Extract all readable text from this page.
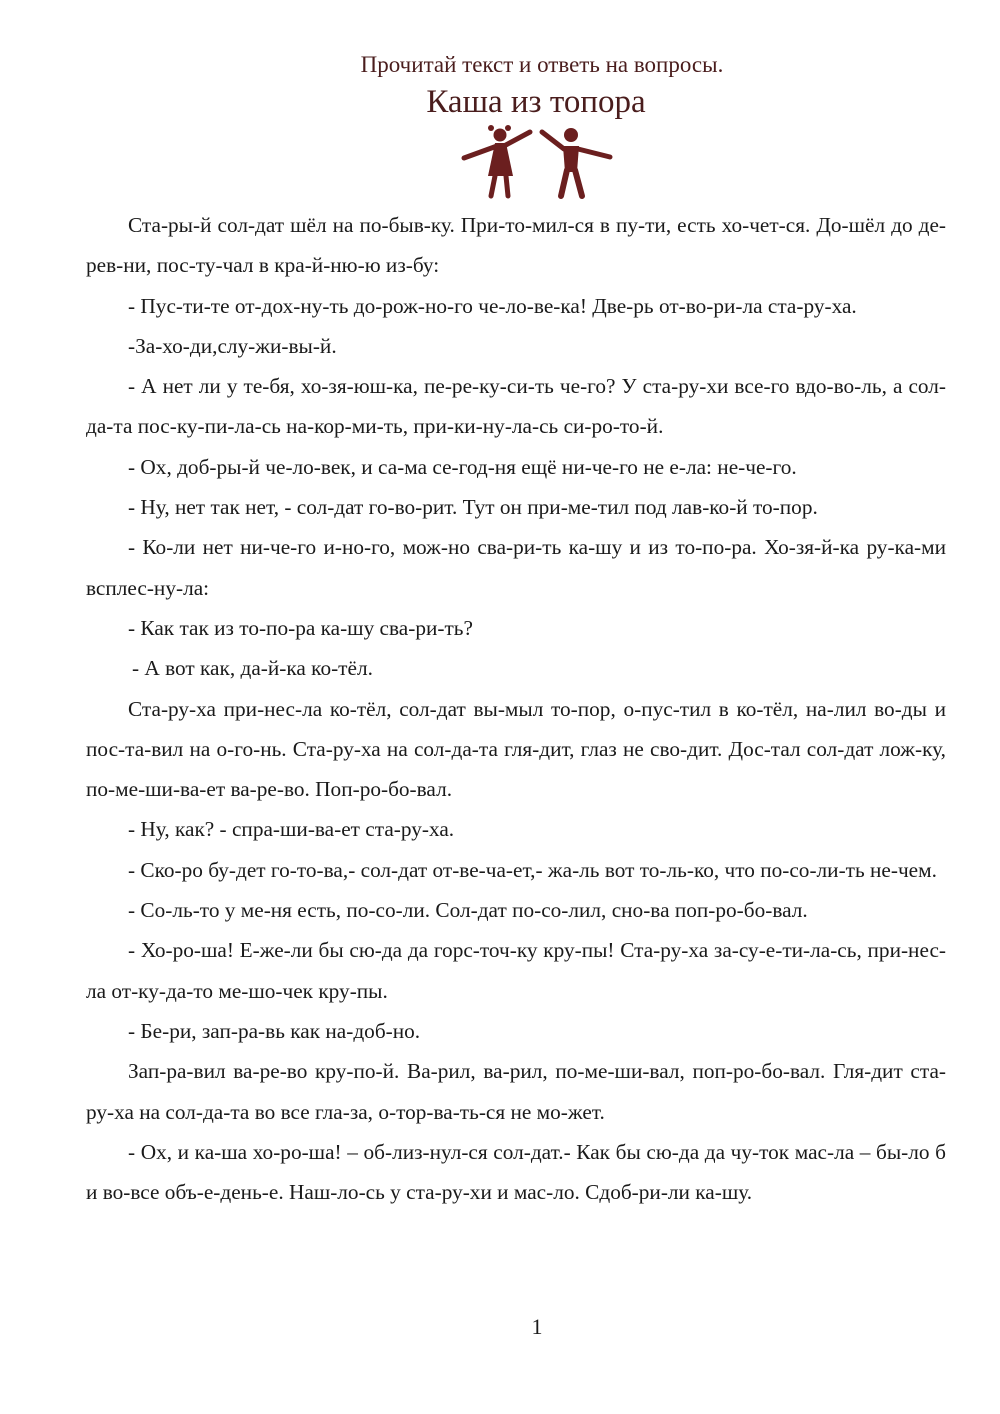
Прочитай текст и ответь на вопросы.
Каша из топора

Ста-ры-й сол-дат шёл на по-быв-ку. При-то-мил-ся в пу-ти, есть хо-чет-ся. До-шёл до де-рев-ни, пос-ту-чал в кра-й-ню-ю из-бу:

- Пус-ти-те от-дох-ну-ть до-рож-но-го че-ло-ве-ка! Две-рь от-во-ри-ла ста-ру-ха.

-За-хо-ди,слу-жи-вы-й.

- А нет ли у те-бя, хо-зя-юш-ка, пе-ре-ку-си-ть че-го? У ста-ру-хи все-го вдо-во-ль, а сол-да-та пос-ку-пи-ла-сь на-кор-ми-ть, при-ки-ну-ла-сь си-ро-то-й.

- Ох, доб-ры-й че-ло-век, и са-ма се-год-ня ещё ни-че-го не е-ла: не-че-го.

- Ну, нет так нет, - сол-дат го-во-рит. Тут он при-ме-тил под лав-ко-й то-пор.

- Ко-ли нет ни-че-го и-но-го, мож-но сва-ри-ть ка-шу и из то-по-ра. Хо-зя-й-ка ру-ка-ми всплес-ну-ла:

- Как так из то-по-ра ка-шу сва-ри-ть?

- А вот как, да-й-ка ко-тёл.

Ста-ру-ха при-нес-ла ко-тёл, сол-дат вы-мыл то-пор, о-пус-тил в ко-тёл, на-лил во-ды и пос-та-вил на о-го-нь. Ста-ру-ха на сол-да-та гля-дит, глаз не сво-дит. Дос-тал сол-дат лож-ку, по-ме-ши-ва-ет ва-ре-во. Поп-ро-бо-вал.

- Ну, как? - спра-ши-ва-ет ста-ру-ха.

- Ско-ро бу-дет го-то-ва,- сол-дат от-ве-ча-ет,- жа-ль вот то-ль-ко, что по-со-ли-ть не-чем.

- Со-ль-то у ме-ня есть, по-со-ли. Сол-дат по-со-лил, сно-ва поп-ро-бо-вал.

- Хо-ро-ша! Е-же-ли бы сю-да да горс-точ-ку кру-пы! Ста-ру-ха за-су-е-ти-ла-сь, при-нес-ла от-ку-да-то ме-шо-чек кру-пы.

- Бе-ри, зап-ра-вь как на-доб-но.

Зап-ра-вил ва-ре-во кру-по-й. Ва-рил, ва-рил, по-ме-ши-вал, поп-ро-бо-вал. Гля-дит ста-ру-ха на сол-да-та во все гла-за, о-тор-ва-ть-ся не мо-жет.

- Ох, и ка-ша хо-ро-ша! – об-лиз-нул-ся сол-дат.- Как бы сю-да да чу-ток мас-ла – бы-ло б и во-все объ-е-день-е. Наш-ло-сь у ста-ру-хи и мас-ло. Сдоб-ри-ли ка-шу.

1
